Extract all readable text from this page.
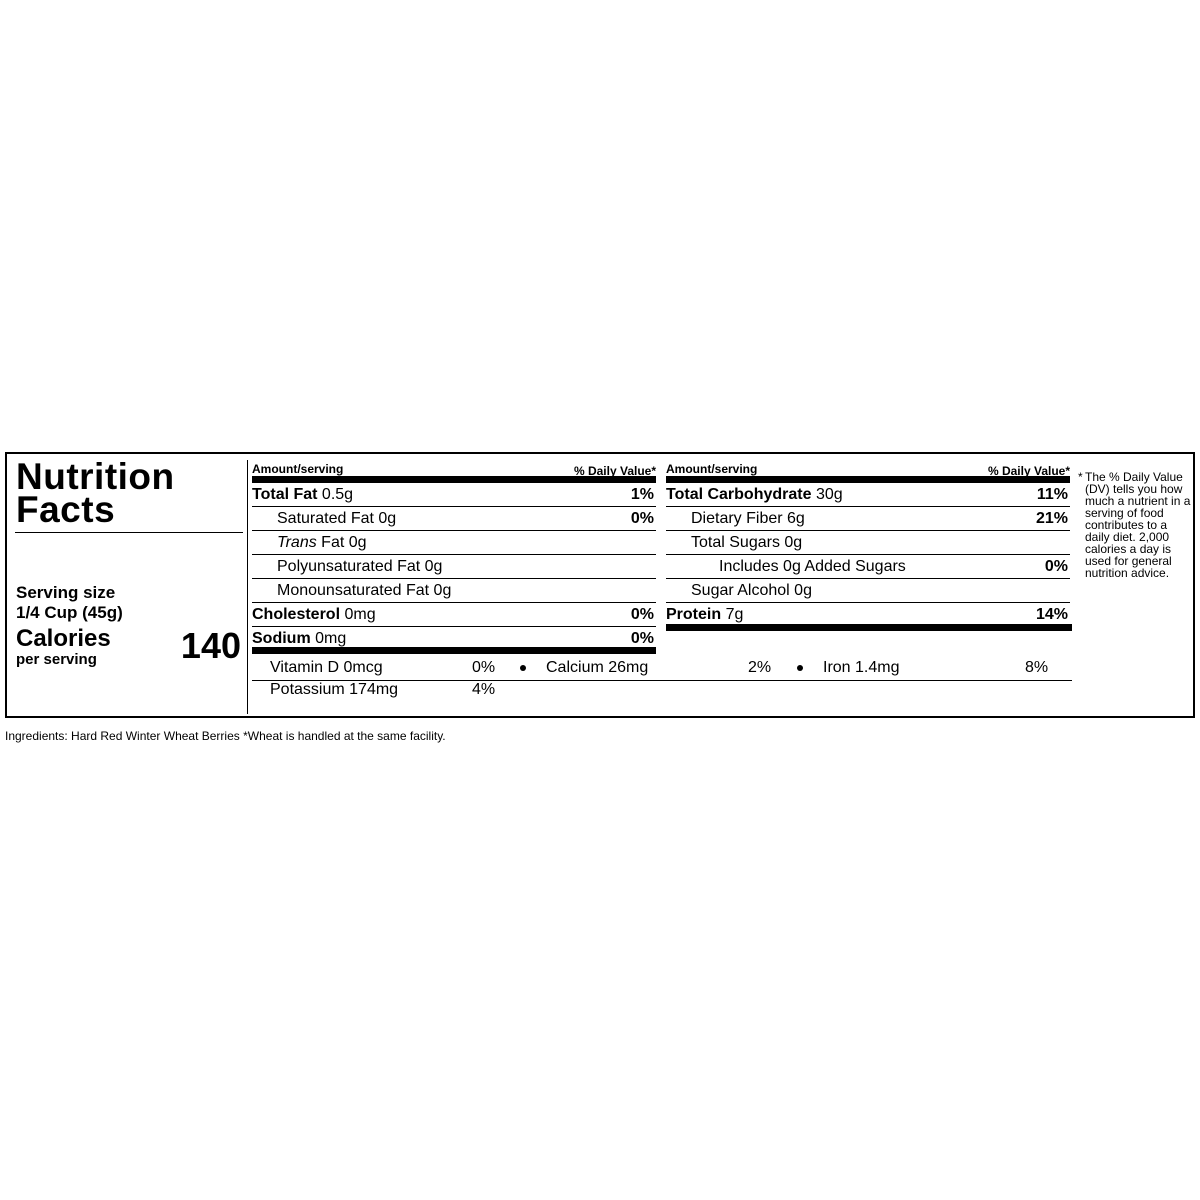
Nutrition
Facts
Serving size
1/4 Cup (45g)
Calories
per serving 140
Amount/serving	% Daily Value*
Total Fat 0.5g	1%
Saturated Fat 0g	0%
Trans Fat 0g
Polyunsaturated Fat 0g
Monounsaturated Fat 0g
Cholesterol 0mg	0%
Sodium 0mg	0%
Amount/serving	% Daily Value*
Total Carbohydrate 30g	11%
Dietary Fiber 6g	21%
Total Sugars 0g
Includes 0g Added Sugars	0%
Sugar Alcohol 0g
Protein 7g	14%
Vitamin D 0mcg	0%	Calcium 26mg	2%	Iron 1.4mg	8%
Potassium 174mg	4%
* The % Daily Value (DV) tells you how much a nutrient in a serving of food contributes to a daily diet. 2,000 calories a day is used for general nutrition advice.
Ingredients: Hard Red Winter Wheat Berries *Wheat is handled at the same facility.
